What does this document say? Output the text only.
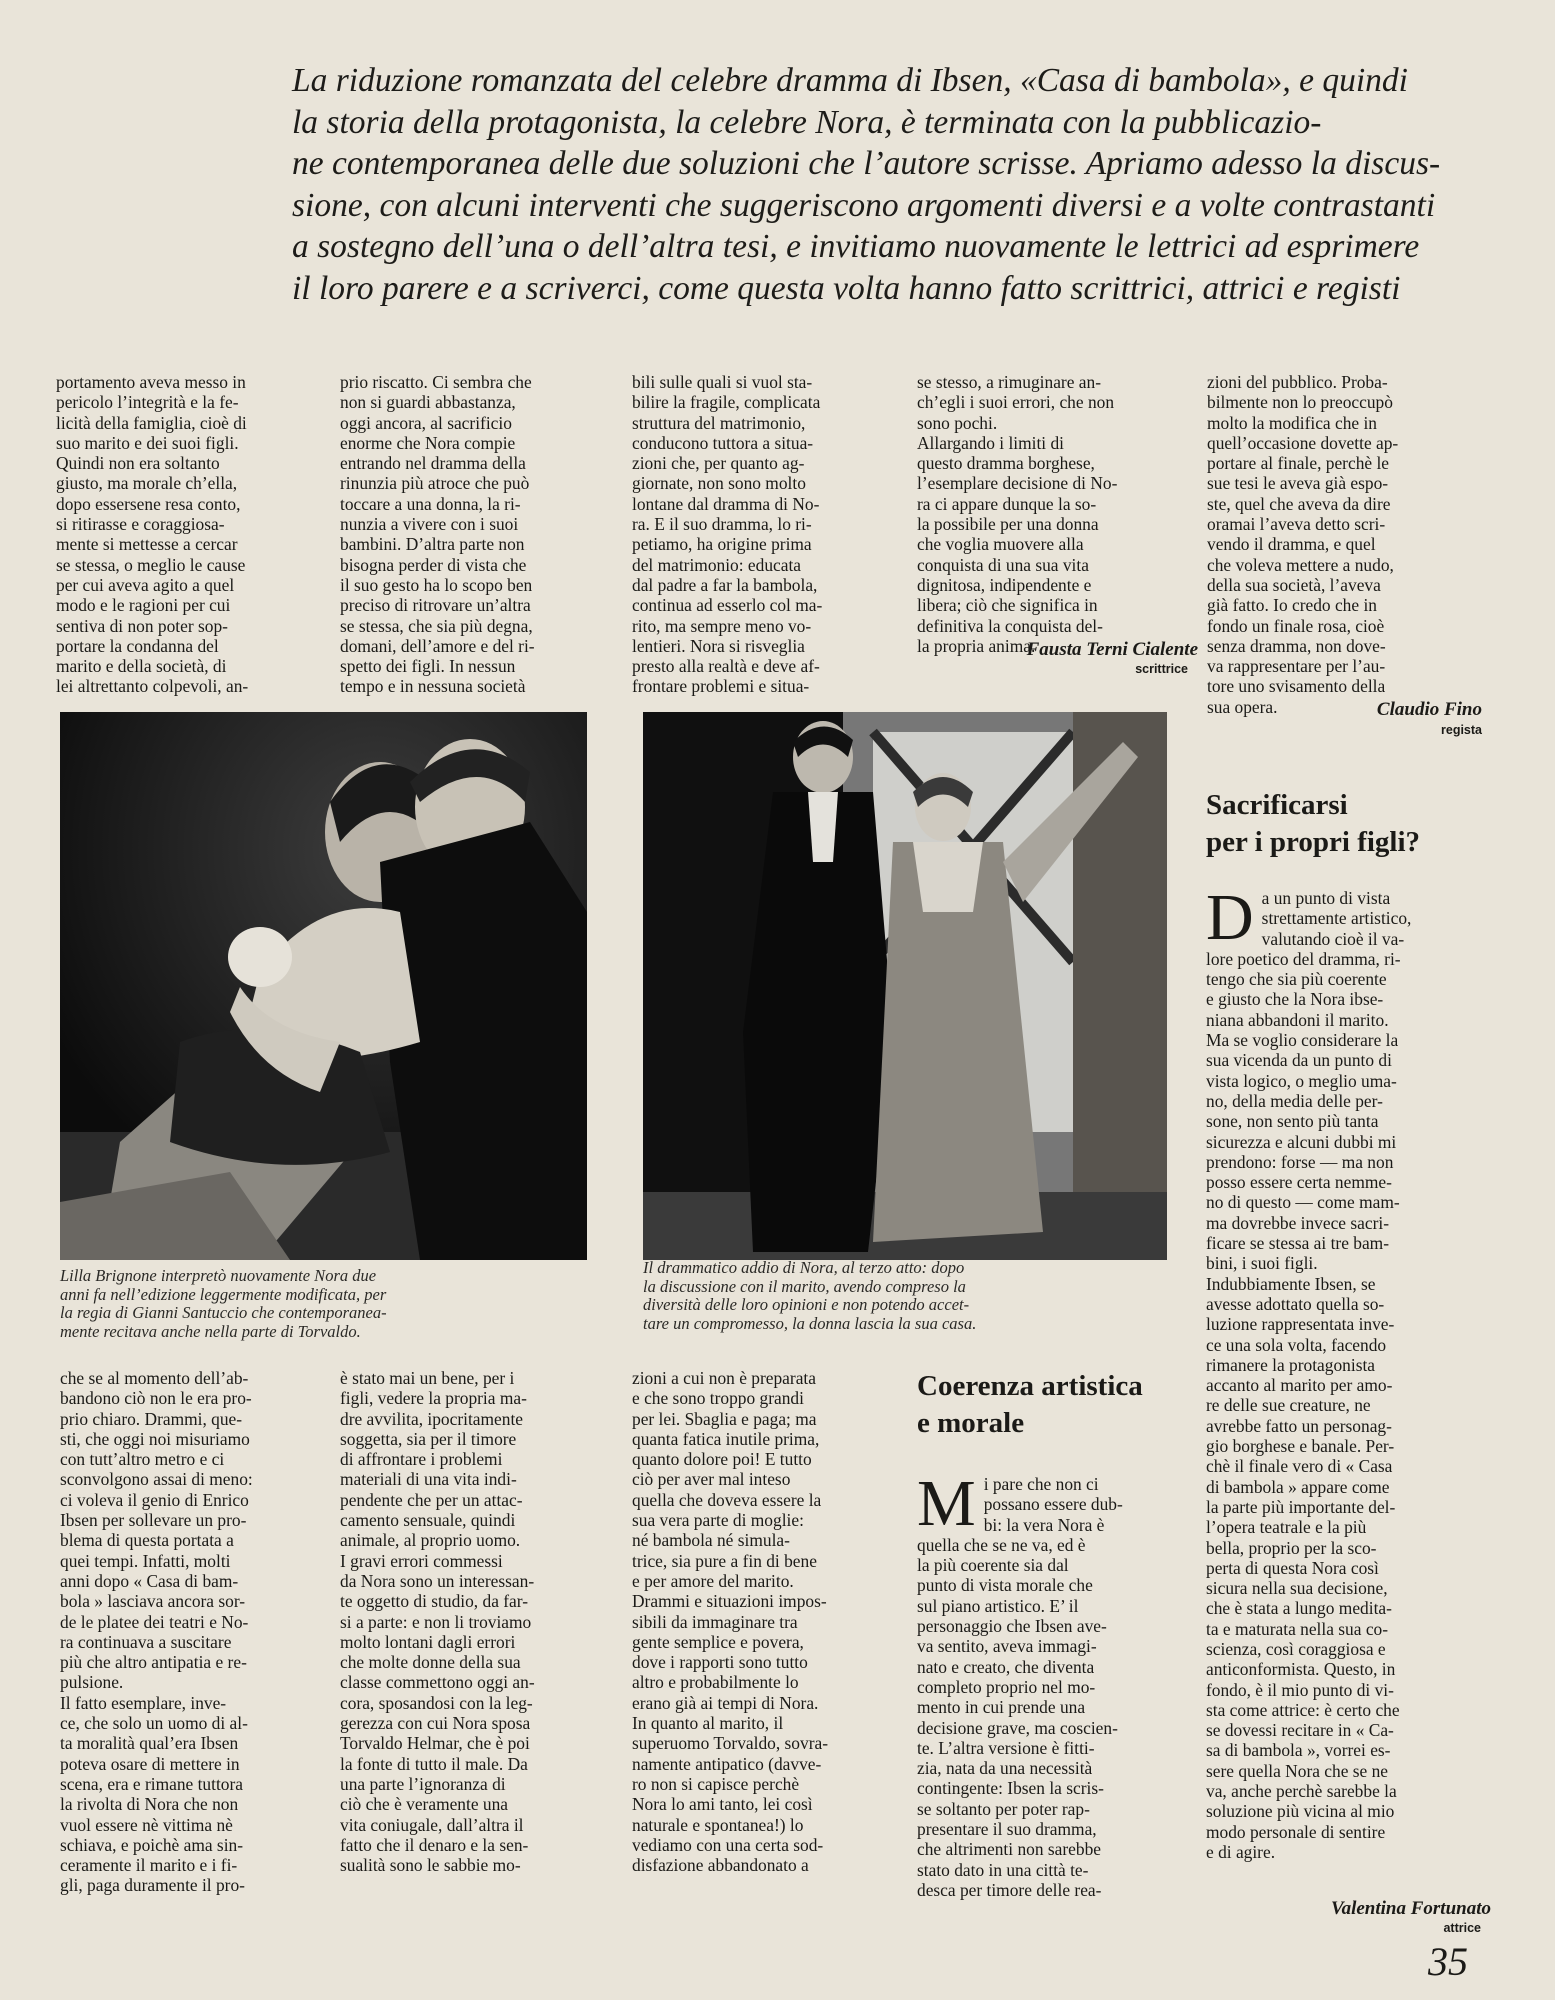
La riduzione romanzata del celebre dramma di Ibsen, «Casa di bambola», e quindi
la storia della protagonista, la celebre Nora, è terminata con la pubblicazio-
ne contemporanea delle due soluzioni che l’autore scrisse. Apriamo adesso la discus-
sione, con alcuni interventi che suggeriscono argomenti diversi e a volte contrastanti
a sostegno dell’una o dell’altra tesi, e invitiamo nuovamente le lettrici ad esprimere
il loro parere e a scriverci, come questa volta hanno fatto scrittrici, attrici e registi
portamento aveva messo in
pericolo l’integrità e la fe-
licità della famiglia, cioè di
suo marito e dei suoi figli.
Quindi non era soltanto
giusto, ma morale ch’ella,
dopo essersene resa conto,
si ritirasse e coraggiosa-
mente si mettesse a cercar
se stessa, o meglio le cause
per cui aveva agito a quel
modo e le ragioni per cui
sentiva di non poter sop-
portare la condanna del
marito e della società, di
lei altrettanto colpevoli, an-
prio riscatto. Ci sembra che
non si guardi abbastanza,
oggi ancora, al sacrificio
enorme che Nora compie
entrando nel dramma della
rinunzia più atroce che può
toccare a una donna, la ri-
nunzia a vivere con i suoi
bambini. D’altra parte non
bisogna perder di vista che
il suo gesto ha lo scopo ben
preciso di ritrovare un’altra
se stessa, che sia più degna,
domani, dell’amore e del ri-
spetto dei figli. In nessun
tempo e in nessuna società
bili sulle quali si vuol sta-
bilire la fragile, complicata
struttura del matrimonio,
conducono tuttora a situa-
zioni che, per quanto ag-
giornate, non sono molto
lontane dal dramma di No-
ra. E il suo dramma, lo ri-
petiamo, ha origine prima
del matrimonio: educata
dal padre a far la bambola,
continua ad esserlo col ma-
rito, ma sempre meno vo-
lentieri. Nora si risveglia
presto alla realtà e deve af-
frontare problemi e situa-
se stesso, a rimuginare an-
ch’egli i suoi errori, che non
sono pochi.
Allargando i limiti di
questo dramma borghese,
l’esemplare decisione di No-
ra ci appare dunque la so-
la possibile per una donna
che voglia muovere alla
conquista di una sua vita
dignitosa, indipendente e
libera; ciò che significa in
definitiva la conquista del-
la propria anima.
Fausta Terni Cialente
scrittrice
zioni del pubblico. Proba-
bilmente non lo preoccupò
molto la modifica che in
quell’occasione dovette ap-
portare al finale, perchè le
sue tesi le aveva già espo-
ste, quel che aveva da dire
oramai l’aveva detto scri-
vendo il dramma, e quel
che voleva mettere a nudo,
della sua società, l’aveva
già fatto. Io credo che in
fondo un finale rosa, cioè
senza dramma, non dove-
va rappresentare per l’au-
tore uno svisamento della
sua opera.	Claudio Fino
regista
Lilla Brignone interpretò nuovamente Nora due
anni fa nell’edizione leggermente modificata, per
la regia di Gianni Santuccio che contemporanea-
mente recitava anche nella parte di Torvaldo.
Il drammatico addio di Nora, al terzo atto: dopo
la discussione con il marito, avendo compreso la
diversità delle loro opinioni e non potendo accet-
tare un compromesso, la donna lascia la sua casa.
Sacrificarsi
per i propri figli?
D a un punto di vista
strettamente artistico,
valutando cioè il va-
lore poetico del dramma, ri-
tengo che sia più coerente
e giusto che la Nora ibse-
niana abbandoni il marito.
Ma se voglio considerare la
sua vicenda da un punto di
vista logico, o meglio uma-
no, della media delle per-
sone, non sento più tanta
sicurezza e alcuni dubbi mi
prendono: forse — ma non
posso essere certa nemme-
no di questo — come mam-
ma dovrebbe invece sacri-
ficare se stessa ai tre bam-
bini, i suoi figli.
Indubbiamente Ibsen, se
avesse adottato quella so-
luzione rappresentata inve-
ce una sola volta, facendo
rimanere la protagonista
accanto al marito per amo-
re delle sue creature, ne
avrebbe fatto un personag-
gio borghese e banale. Per-
chè il finale vero di « Casa
di bambola » appare come
la parte più importante del-
l’opera teatrale e la più
bella, proprio per la sco-
perta di questa Nora così
sicura nella sua decisione,
che è stata a lungo medita-
ta e maturata nella sua co-
scienza, così coraggiosa e
anticonformista. Questo, in
fondo, è il mio punto di vi-
sta come attrice: è certo che
se dovessi recitare in « Ca-
sa di bambola », vorrei es-
sere quella Nora che se ne
va, anche perchè sarebbe la
soluzione più vicina al mio
modo personale di sentire
e di agire.
Valentina Fortunato
attrice
che se al momento dell’ab-
bandono ciò non le era pro-
prio chiaro. Drammi, que-
sti, che oggi noi misuriamo
con tutt’altro metro e ci
sconvolgono assai di meno:
ci voleva il genio di Enrico
Ibsen per sollevare un pro-
blema di questa portata a
quei tempi. Infatti, molti
anni dopo « Casa di bam-
bola » lasciava ancora sor-
de le platee dei teatri e No-
ra continuava a suscitare
più che altro antipatia e re-
pulsione.
Il fatto esemplare, inve-
ce, che solo un uomo di al-
ta moralità qual’era Ibsen
poteva osare di mettere in
scena, era e rimane tuttora
la rivolta di Nora che non
vuol essere nè vittima nè
schiava, e poichè ama sin-
ceramente il marito e i fi-
gli, paga duramente il pro-
è stato mai un bene, per i
figli, vedere la propria ma-
dre avvilita, ipocritamente
soggetta, sia per il timore
di affrontare i problemi
materiali di una vita indi-
pendente che per un attac-
camento sensuale, quindi
animale, al proprio uomo.
I gravi errori commessi
da Nora sono un interessan-
te oggetto di studio, da far-
si a parte: e non li troviamo
molto lontani dagli errori
che molte donne della sua
classe commettono oggi an-
cora, sposandosi con la leg-
gerezza con cui Nora sposa
Torvaldo Helmar, che è poi
la fonte di tutto il male. Da
una parte l’ignoranza di
ciò che è veramente una
vita coniugale, dall’altra il
fatto che il denaro e la sen-
sualità sono le sabbie mo-
zioni a cui non è preparata
e che sono troppo grandi
per lei. Sbaglia e paga; ma
quanta fatica inutile prima,
quanto dolore poi! E tutto
ciò per aver mal inteso
quella che doveva essere la
sua vera parte di moglie:
né bambola né simula-
trice, sia pure a fin di bene
e per amore del marito.
Drammi e situazioni impos-
sibili da immaginare tra
gente semplice e povera,
dove i rapporti sono tutto
altro e probabilmente lo
erano già ai tempi di Nora.
In quanto al marito, il
superuomo Torvaldo, sovra-
namente antipatico (davve-
ro non si capisce perchè
Nora lo ami tanto, lei così
naturale e spontanea!) lo
vediamo con una certa sod-
disfazione abbandonato a
Coerenza artistica
e morale
M i pare che non ci
possano essere dub-
bi: la vera Nora è
quella che se ne va, ed è
la più coerente sia dal
punto di vista morale che
sul piano artistico. E’ il
personaggio che Ibsen ave-
va sentito, aveva immagi-
nato e creato, che diventa
completo proprio nel mo-
mento in cui prende una
decisione grave, ma coscien-
te. L’altra versione è fitti-
zia, nata da una necessità
contingente: Ibsen la scris-
se soltanto per poter rap-
presentare il suo dramma,
che altrimenti non sarebbe
stato dato in una città te-
desca per timore delle rea-
35
